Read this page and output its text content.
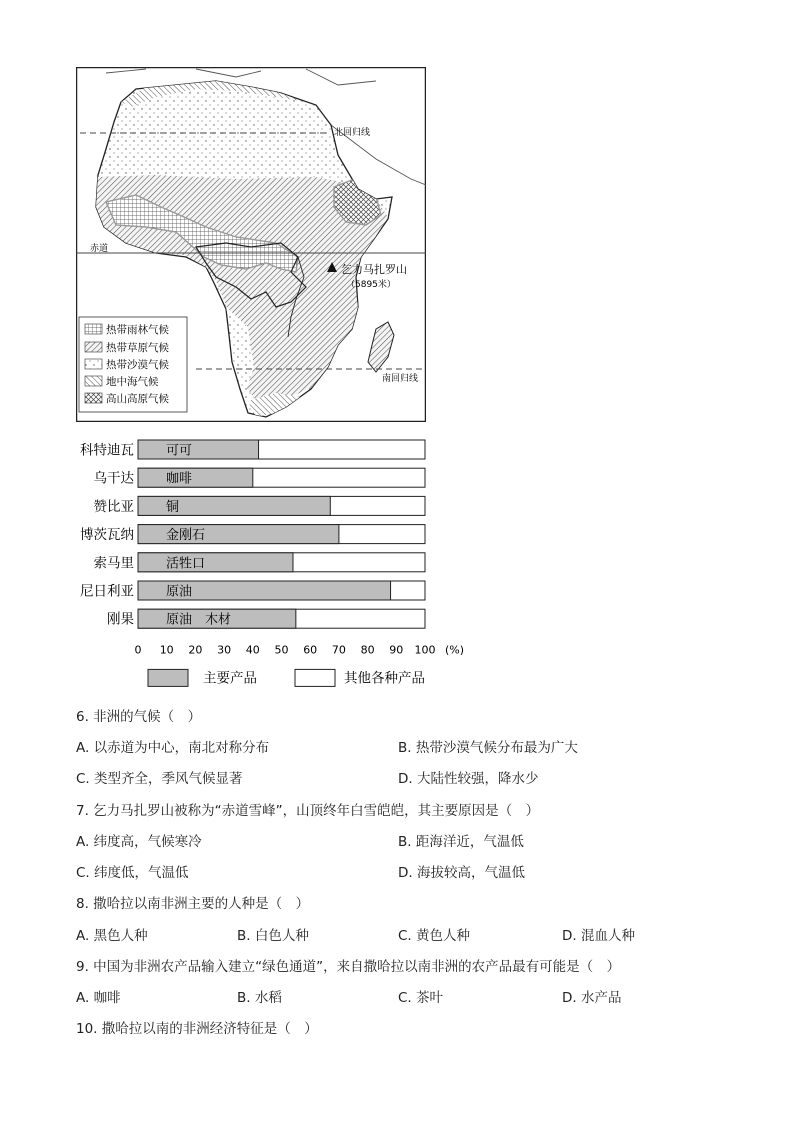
北回归线
赤道
南回归线
乞力马扎罗山
（5895米）
热带雨林气候
热带草原气候
热带沙漠气候
地中海气候
高山高原气候
科特迪瓦 可可
乌干达 咖啡
赞比亚 铜
博茨瓦纳 金刚石
索马里 活牲口
尼日利亚 原油
刚果 原油　木材
0 10 20 30 40 50 60 70 80 90 100 (%)
主要产品	其他各种产品
6. 非洲的气候（　）
A. 以赤道为中心，南北对称分布	B. 热带沙漠气候分布最为广大
C. 类型齐全，季风气候显著	D. 大陆性较强，降水少
7. 乞力马扎罗山被称为“赤道雪峰”，山顶终年白雪皑皑，其主要原因是（　）
A. 纬度高，气候寒冷	B. 距海洋近，气温低
C. 纬度低，气温低	D. 海拔较高，气温低
8. 撒哈拉以南非洲主要的人种是（　）
A. 黑色人种	B. 白色人种	C. 黄色人种	D. 混血人种
9. 中国为非洲农产品输入建立“绿色通道”，来自撒哈拉以南非洲的农产品最有可能是（　）
A. 咖啡	B. 水稻	C. 茶叶	D. 水产品
10. 撒哈拉以南的非洲经济特征是（　）
